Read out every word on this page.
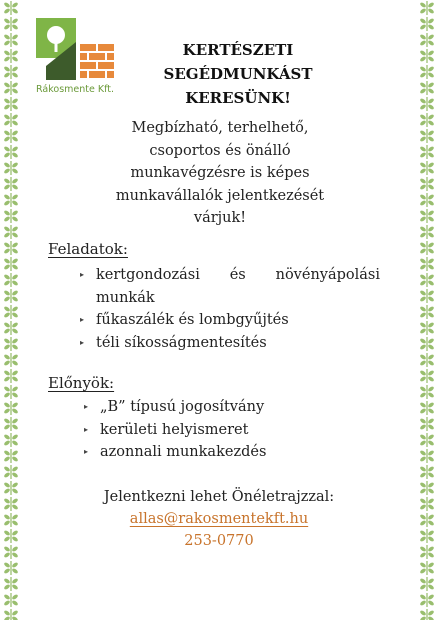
Rákosmente Kft.
KERTÉSZETI
SEGÉDMUNKÁST
KERESÜNK!
Megbízható, terhelhető,
csoportos és önálló
munkavégzésre is képes
munkavállalók jelentkezését
várjuk!
Feladatok:
▸ kertgondozási és növényápolási munkák
▸ fűkaszálék és lombgyűjtés
▸ téli síkosságmentesítés
Előnyök:
▸ „B” típusú jogosítvány
▸ kerületi helyismeret
▸ azonnali munkakezdés
Jelentkezni lehet Önéletrajzzal:
allas@rakosmentekft.hu
253-0770
